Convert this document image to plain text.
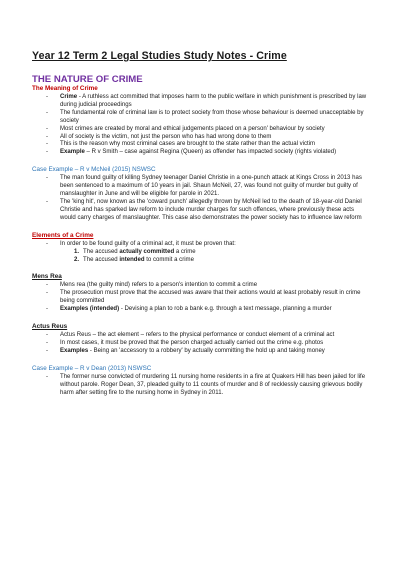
Year 12 Term 2 Legal Studies Study Notes - Crime
THE NATURE OF CRIME
The Meaning of Crime
- Crime - A ruthless act committed that imposes harm to the public welfare in which punishment is prescribed by law during judicial proceedings
- The fundamental role of criminal law is to protect society from those whose behaviour is deemed unacceptable by society
- Most crimes are created by moral and ethical judgements placed on a person' behaviour by society
- All of society is the victim, not just the person who has had wrong done to them
- This is the reason why most criminal cases are brought to the state rather than the actual victim
- Example – R v Smith – case against Regina (Queen) as offender has impacted society (rights violated)
Case Example – R v McNeil (2015) NSWSC
- The man found guilty of killing Sydney teenager Daniel Christie in a one-punch attack at Kings Cross in 2013 has been sentenced to a maximum of 10 years in jail. Shaun McNeil, 27, was found not guilty of murder but guilty of manslaughter in June and will be eligible for parole in 2021.
- The 'king hit', now known as the 'coward punch' allegedly thrown by McNeil led to the death of 18-year-old Daniel Christie and has sparked law reform to include murder charges for such offences, where previously these acts would carry charges of manslaughter. This case also demonstrates the power society has to influence law reform
Elements of a Crime
- In order to be found guilty of a criminal act, it must be proven that:
1. The accused actually committed a crime
2. The accused intended to commit a crime
Mens Rea
- Mens rea (the guilty mind) refers to a person's intention to commit a crime
- The prosecution must prove that the accused was aware that their actions would at least probably result in crime being committed
- Examples (intended) - Devising a plan to rob a bank e.g. through a text message, planning a murder
Actus Reus
- Actus Reus – the act element – refers to the physical performance or conduct element of a criminal act
- In most cases, it must be proved that the person charged actually carried out the crime e.g. photos
- Examples - Being an 'accessory to a robbery' by actually committing the hold up and taking money
Case Example – R v Dean (2013) NSWSC
- The former nurse convicted of murdering 11 nursing home residents in a fire at Quakers Hill has been jailed for life without parole. Roger Dean, 37, pleaded guilty to 11 counts of murder and 8 of recklessly causing grievous bodily harm after setting fire to the nursing home in Sydney in 2011.
